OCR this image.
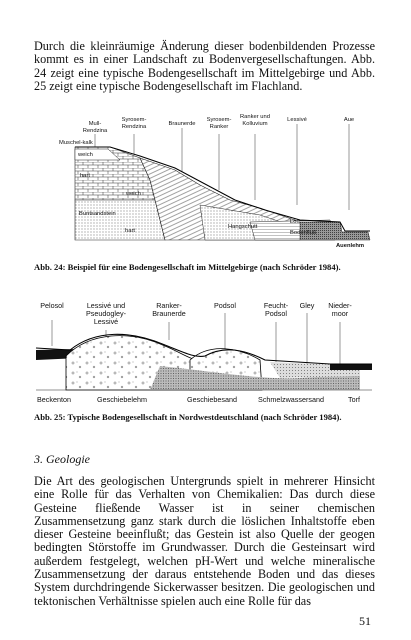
Durch die kleinräumige Änderung dieser bodenbildenden Prozesse kommt es in einer Landschaft zu Bodenvergesellschaftungen. Abb. 24 zeigt eine typische Bodengesellschaft im Mittelgebirge und Abb. 25 zeigt eine typische Bodengesellschaft im Flachland.

Mull-Rendzina
Syrosem-Rendzina	Braunerde
Syrosem-Ranker
Ranker und Kolluvium
Lessivé	Aue
Muschel-kalk
weich
hart
weich
Buntsandstein
hart
Hangschutt
Löß
Bodenfluß
Auenlehm

Abb. 24: Beispiel für eine Bodengesellschaft im Mittelgebirge (nach Schröder 1984).

Pelosol	Lessivé und Pseudogley-Lessivé
Ranker-Braunerde
Podsol	Feucht-Podsol
Gley	Nieder-moor
Beckenton	Geschiebelehm	Geschiebesand	Schmelzwassersand	Torf

Abb. 25: Typische Bodengesellschaft in Nordwestdeutschland (nach Schröder 1984).

3. Geologie

Die Art des geologischen Untergrunds spielt in mehrerer Hinsicht eine Rolle für das Verhalten von Chemikalien: Das durch diese Gesteine fließende Wasser ist in seiner chemischen Zusammensetzung ganz stark durch die löslichen Inhaltstoffe eben dieser Gesteine beeinflußt; das Gestein ist also Quelle der geogen bedingten Störstoffe im Grundwasser. Durch die Gesteinsart wird außerdem festgelegt, welchen pH-Wert und welche mineralische Zusammensetzung der daraus entstehende Boden und das dieses System durchdringende Sickerwasser besitzen. Die geologischen und tektonischen Verhältnisse spielen auch eine Rolle für das

51
